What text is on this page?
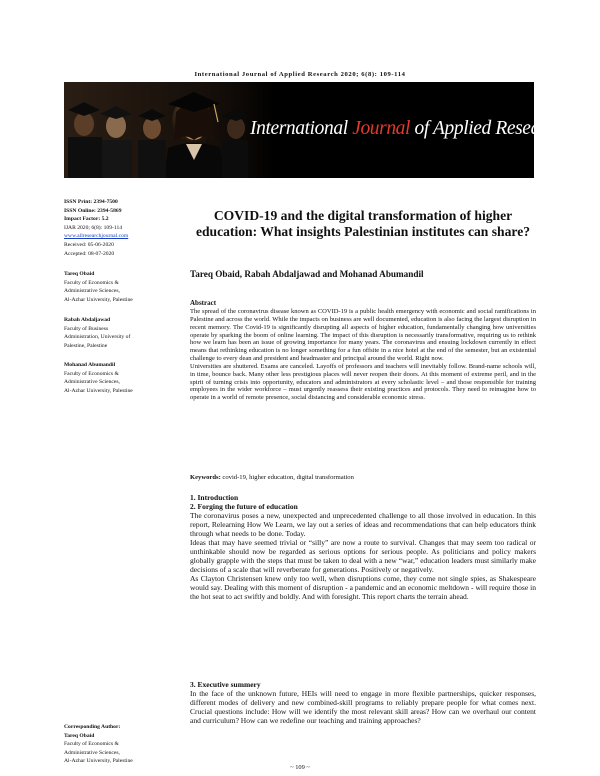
International Journal of Applied Research 2020; 6(8): 109-114
International Journal of Applied Research
ISSN Print: 2394-7500
ISSN Online: 2394-5869
Impact Factor: 5.2
IJAR 2020; 6(8): 109-114
www.allresearchjournal.com
Received: 05-06-2020
Accepted: 08-07-2020
Tareq Obaid
Faculty of Economics &
Administrative Sciences,
Al-Azhar University, Palestine
Rabah Abdaljawad
Faculty of Business
Administration, University of
Palestine, Palestine
Mohanad Abumandil
Faculty of Economics &
Administrative Sciences,
Al-Azhar University, Palestine
Corresponding Author:
Tareq Obaid
Faculty of Economics &
Administrative Sciences,
Al-Azhar University, Palestine
COVID-19 and the digital transformation of higher education: What insights Palestinian institutes can share?
Tareq Obaid, Rabah Abdaljawad and Mohanad Abumandil
Abstract

The spread of the coronavirus disease known as COVID-19 is a public health emergency with economic and social ramifications in Palestine and across the world. While the impacts on business are well documented, education is also facing the largest disruption in recent memory. The Covid-19 is significantly disrupting all aspects of higher education, fundamentally changing how universities operate by sparking the boom of online learning. The impact of this disruption is necessarily transformative, requiring us to rethink how we learn has been an issue of growing importance for many years. The coronavirus and ensuing lockdown currently in effect means that rethinking education is no longer something for a fun offsite in a nice hotel at the end of the semester, but an existential challenge to every dean and president and headmaster and principal around the world. Right now.

Universities are shuttered. Exams are canceled. Layoffs of professors and teachers will inevitably follow. Brand-name schools will, in time, bounce back. Many other less prestigious places will never reopen their doors. At this moment of extreme peril, and in the spirit of turning crisis into opportunity, educators and administrators at every scholastic level – and those responsible for training employees in the wider workforce – must urgently reassess their existing practices and protocols. They need to reimagine how to operate in a world of remote presence, social distancing and considerable economic stress.

Keywords: covid-19, higher education, digital transformation
1. Introduction
2. Forging the future of education

The coronavirus poses a new, unexpected and unprecedented challenge to all those involved in education. In this report, Relearning How We Learn, we lay out a series of ideas and recommendations that can help educators think through what needs to be done. Today.

Ideas that may have seemed trivial or “silly” are now a route to survival. Changes that may seem too radical or unthinkable should now be regarded as serious options for serious people. As politicians and policy makers globally grapple with the steps that must be taken to deal with a new “war,” education leaders must similarly make decisions of a scale that will reverberate for generations. Positively or negatively.

As Clayton Christensen knew only too well, when disruptions come, they come not single spies, as Shakespeare would say. Dealing with this moment of disruption - a pandemic and an economic meltdown - will require those in the hot seat to act swiftly and boldly. And with foresight. This report charts the terrain ahead.

3. Executive summery

In the face of the unknown future, HEIs will need to engage in more flexible partnerships, quicker responses, different modes of delivery and new combined-skill programs to reliably prepare people for what comes next. Crucial questions include: How will we identify the most relevant skill areas? How can we overhaul our content and curriculum? How can we redefine our teaching and training approaches?

~ 109 ~
